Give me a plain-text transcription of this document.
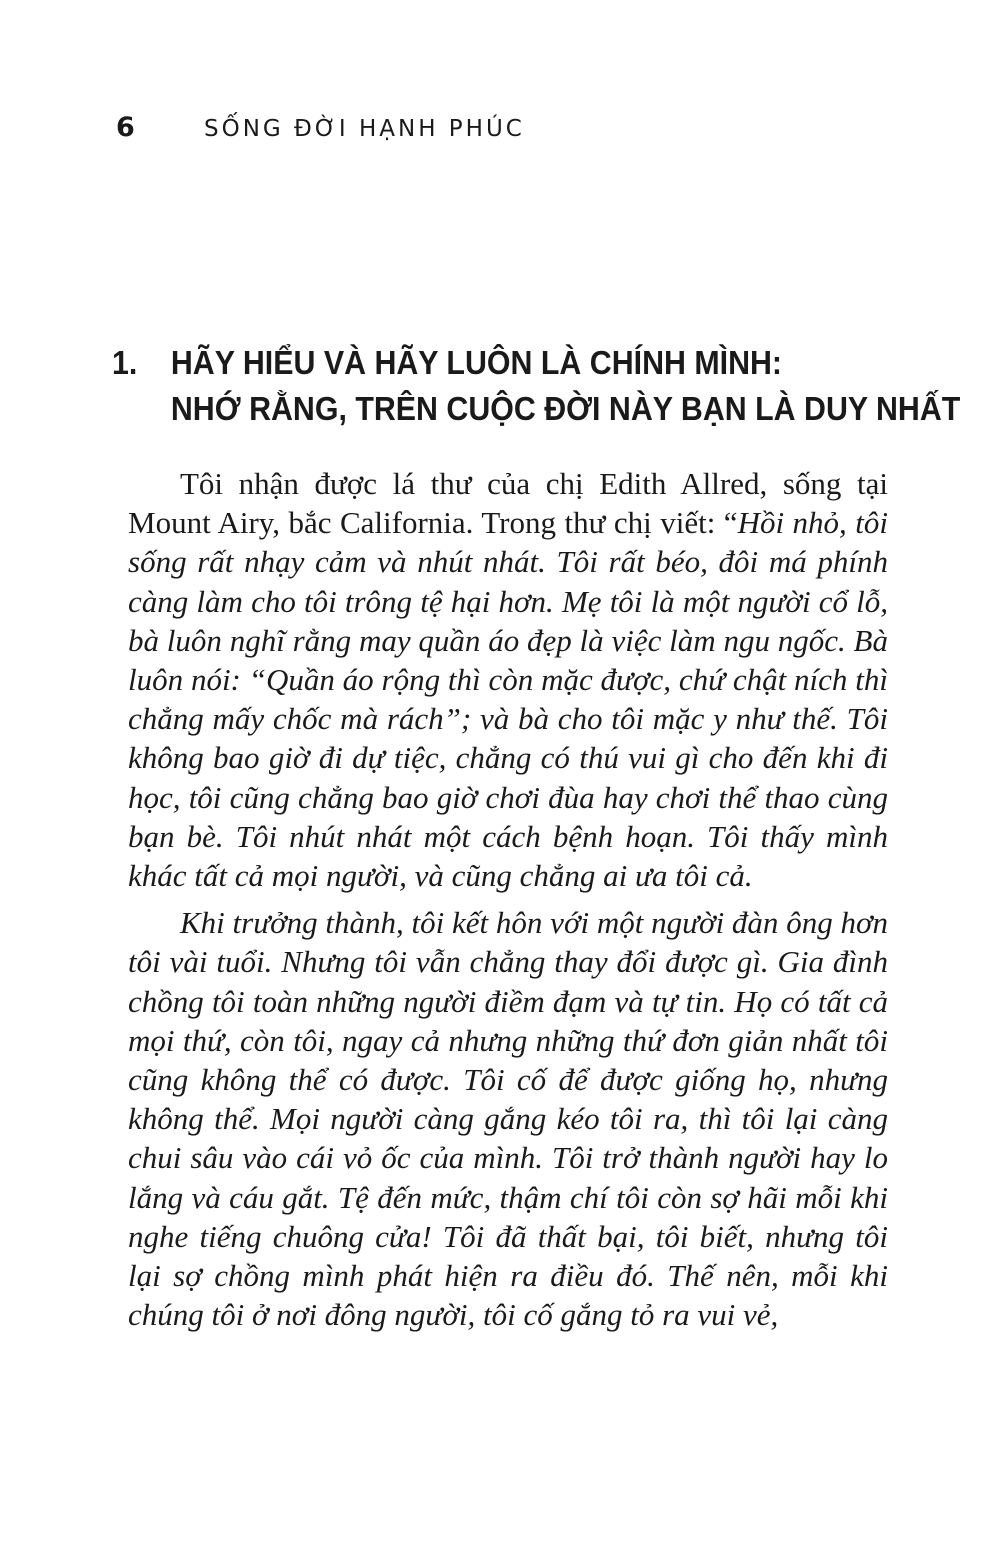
6	SỐNG ĐỜI HẠNH PHÚC
1. HÃY HIỂU VÀ HÃY LUÔN LÀ CHÍNH MÌNH:
NHỚ RẰNG, TRÊN CUỘC ĐỜI NÀY BẠN LÀ DUY NHẤT

Tôi nhận được lá thư của chị Edith Allred, sống tại Mount Airy, bắc California. Trong thư chị viết: “Hồi nhỏ, tôi sống rất nhạy cảm và nhút nhát. Tôi rất béo, đôi má phính càng làm cho tôi trông tệ hại hơn. Mẹ tôi là một người cổ lỗ, bà luôn nghĩ rằng may quần áo đẹp là việc làm ngu ngốc. Bà luôn nói: “Quần áo rộng thì còn mặc được, chứ chật ních thì chẳng mấy chốc mà rách”; và bà cho tôi mặc y như thế. Tôi không bao giờ đi dự tiệc, chẳng có thú vui gì cho đến khi đi học, tôi cũng chẳng bao giờ chơi đùa hay chơi thể thao cùng bạn bè. Tôi nhút nhát một cách bệnh hoạn. Tôi thấy mình khác tất cả mọi người, và cũng chẳng ai ưa tôi cả.

Khi trưởng thành, tôi kết hôn với một người đàn ông hơn tôi vài tuổi. Nhưng tôi vẫn chẳng thay đổi được gì. Gia đình chồng tôi toàn những người điềm đạm và tự tin. Họ có tất cả mọi thứ, còn tôi, ngay cả nhưng những thứ đơn giản nhất tôi cũng không thể có được. Tôi cố để được giống họ, nhưng không thể. Mọi người càng gắng kéo tôi ra, thì tôi lại càng chui sâu vào cái vỏ ốc của mình. Tôi trở thành người hay lo lắng và cáu gắt. Tệ đến mức, thậm chí tôi còn sợ hãi mỗi khi nghe tiếng chuông cửa! Tôi đã thất bại, tôi biết, nhưng tôi lại sợ chồng mình phát hiện ra điều đó. Thế nên, mỗi khi chúng tôi ở nơi đông người, tôi cố gắng tỏ ra vui vẻ,
